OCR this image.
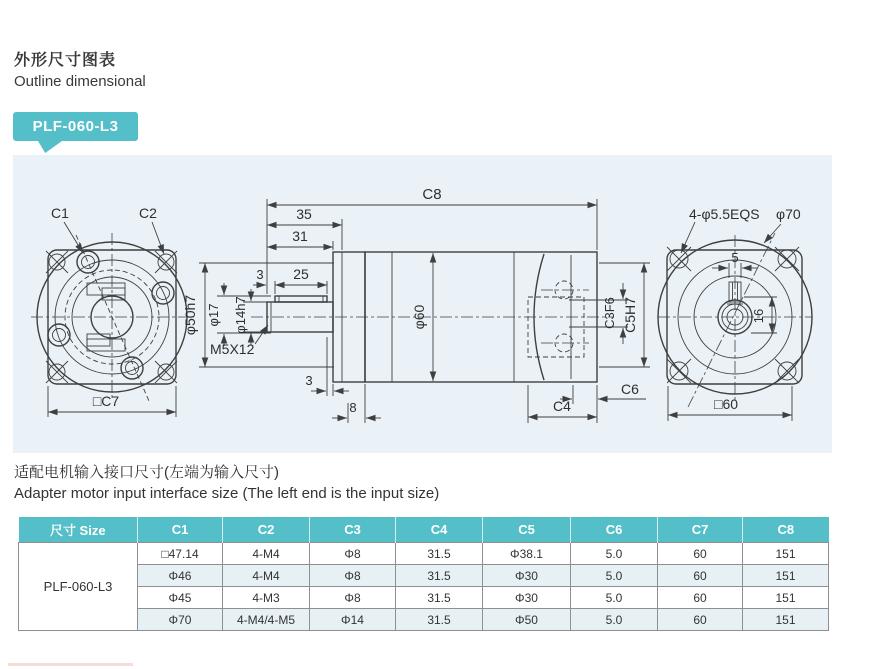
外形尺寸图表
Outline dimensional
PLF-060-L3
C1	C2
□C7
C8
35
31
3 25
φ50h7 φ17 φ14h7
M5X12
φ60
3
8	C4
C6
C3F6 C5H7
4-φ5.5EQS φ70
5
16
□60
适配电机输入接口尺寸(左端为输入尺寸)
Adapter motor input interface size (The left end is the input size)
尺寸 Size	C1	C2	C3	C4	C5	C6	C7	C8
PLF-060-L3	□47.14	4-M4	Φ8	31.5	Φ38.1	5.0	60	151
	Φ46	4-M4	Φ8	31.5	Φ30	5.0	60	151
	Φ45	4-M3	Φ8	31.5	Φ30	5.0	60	151
	Φ70	4-M4/4-M5	Φ14	31.5	Φ50	5.0	60	151
